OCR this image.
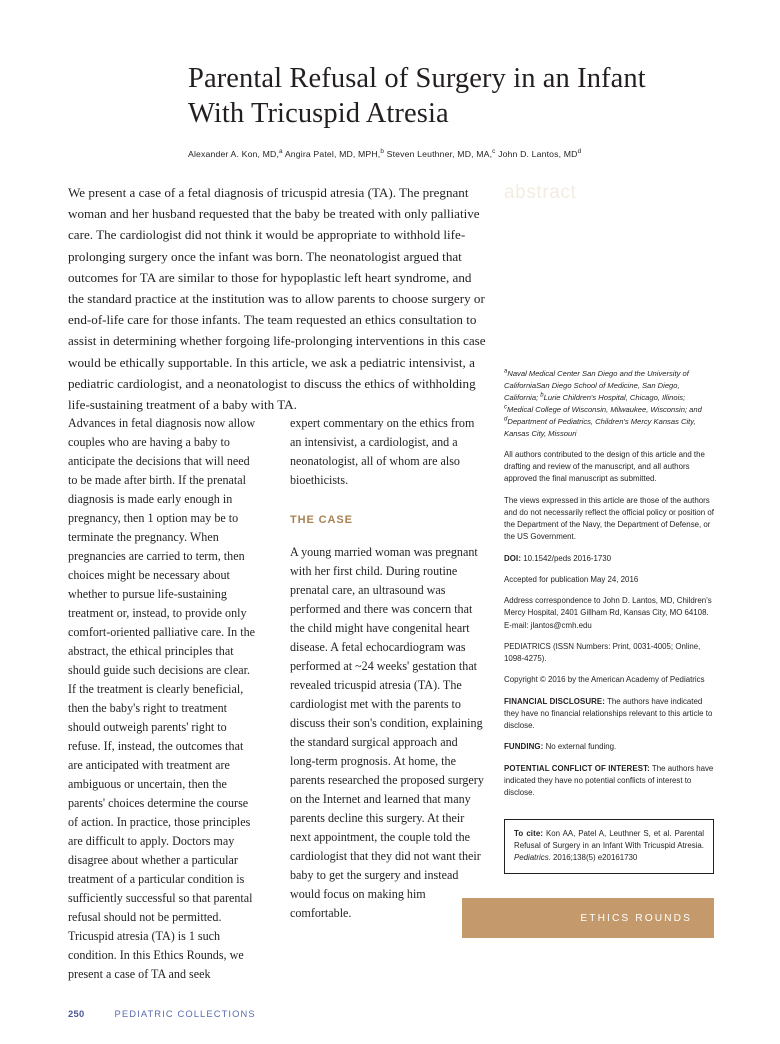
Parental Refusal of Surgery in an Infant With Tricuspid Atresia
Alexander A. Kon, MD,$^a$ Angira Patel, MD, MPH,$^b$ Steven Leuthner, MD, MA,$^c$ John D. Lantos, $MD^d$
We present a case of a fetal diagnosis of tricuspid atresia (TA). The pregnant woman and her husband requested that the baby be treated with only palliative care. The cardiologist did not think it would be appropriate to withhold life-prolonging surgery once the infant was born. The neonatologist argued that outcomes for TA are similar to those for hypoplastic left heart syndrome, and the standard practice at the institution was to allow parents to choose surgery or end-of-life care for those infants. The team requested an ethics consultation to assist in determining whether forgoing life-prolonging interventions in this case would be ethically supportable. In this article, we ask a pediatric intensivist, a pediatric cardiologist, and a neonatologist to discuss the ethics of withholding life-sustaining treatment of a baby with TA.
abstract

$^a$Naval Medical Center San Diego and the University of CaliforniaSan Diego School of Medicine, San Diego, California; $^b$Lurie Children's Hospital, Chicago, Illinois; $^c$Medical College of Wisconsin, Milwaukee, Wisconsin; and $^d$Department of Pediatrics, Children's Mercy Kansas City, Kansas City, Missouri

All authors contributed to the design of this article and the drafting and review of the manuscript, and all authors approved the final manuscript as submitted.

The views expressed in this article are those of the authors and do not necessarily reflect the official policy or position of the Department of the Navy, the Department of Defense, or the US Government.

DOI: 10.1542/peds 2016-1730

Accepted for publication May 24, 2016

Address correspondence to John D. Lantos, MD, Children's Mercy Hospital, 2401 Gillham Rd, Kansas City, MO 64108. E-mail: jlantos@cmh.edu

PEDIATRICS (ISSN Numbers: Print, 0031-4005; Online, 1098-4275).

Copyright © 2016 by the American Academy of Pediatrics

FINANCIAL DISCLOSURE: The authors have indicated they have no financial relationships relevant to this article to disclose.

FUNDING: No external funding.

POTENTIAL CONFLICT OF INTEREST: The authors have indicated they have no potential conflicts of interest to disclose.

To cite: Kon AA, Patel A, Leuthner S, et al. Parental Refusal of Surgery in an Infant With Tricuspid Atresia. Pediatrics. 2016;138(5) e20161730

Advances in fetal diagnosis now allow couples who are having a baby to anticipate the decisions that will need to be made after birth. If the prenatal diagnosis is made early enough in pregnancy, then 1 option may be to terminate the pregnancy. When pregnancies are carried to term, then choices might be necessary about whether to pursue life-sustaining treatment or, instead, to provide only comfort-oriented palliative care. In the abstract, the ethical principles that should guide such decisions are clear. If the treatment is clearly beneficial, then the baby's right to treatment should outweigh parents' right to refuse. If, instead, the outcomes that are anticipated with treatment are ambiguous or uncertain, then the parents' choices determine the course of action. In practice, those principles are difficult to apply. Doctors may disagree about whether a particular treatment of a particular condition is sufficiently successful so that parental refusal should not be permitted. Tricuspid atresia (TA) is 1 such condition. In this Ethics Rounds, we present a case of TA and seek

expert commentary on the ethics from an intensivist, a cardiologist, and a neonatologist, all of whom are also bioethicists.

THE CASE

A young married woman was pregnant with her first child. During routine prenatal care, an ultrasound was performed and there was concern that the child might have congenital heart disease. A fetal echocardiogram was performed at ~24 weeks' gestation that revealed tricuspid atresia (TA). The cardiologist met with the parents to discuss their son's condition, explaining the standard surgical approach and long-term prognosis. At home, the parents researched the proposed surgery on the Internet and learned that many parents decline this surgery. At their next appointment, the couple told the cardiologist that they did not want their baby to get the surgery and instead would focus on making him comfortable.	ETHICS ROUNDS
250	PEDIATRIC COLLECTIONS
